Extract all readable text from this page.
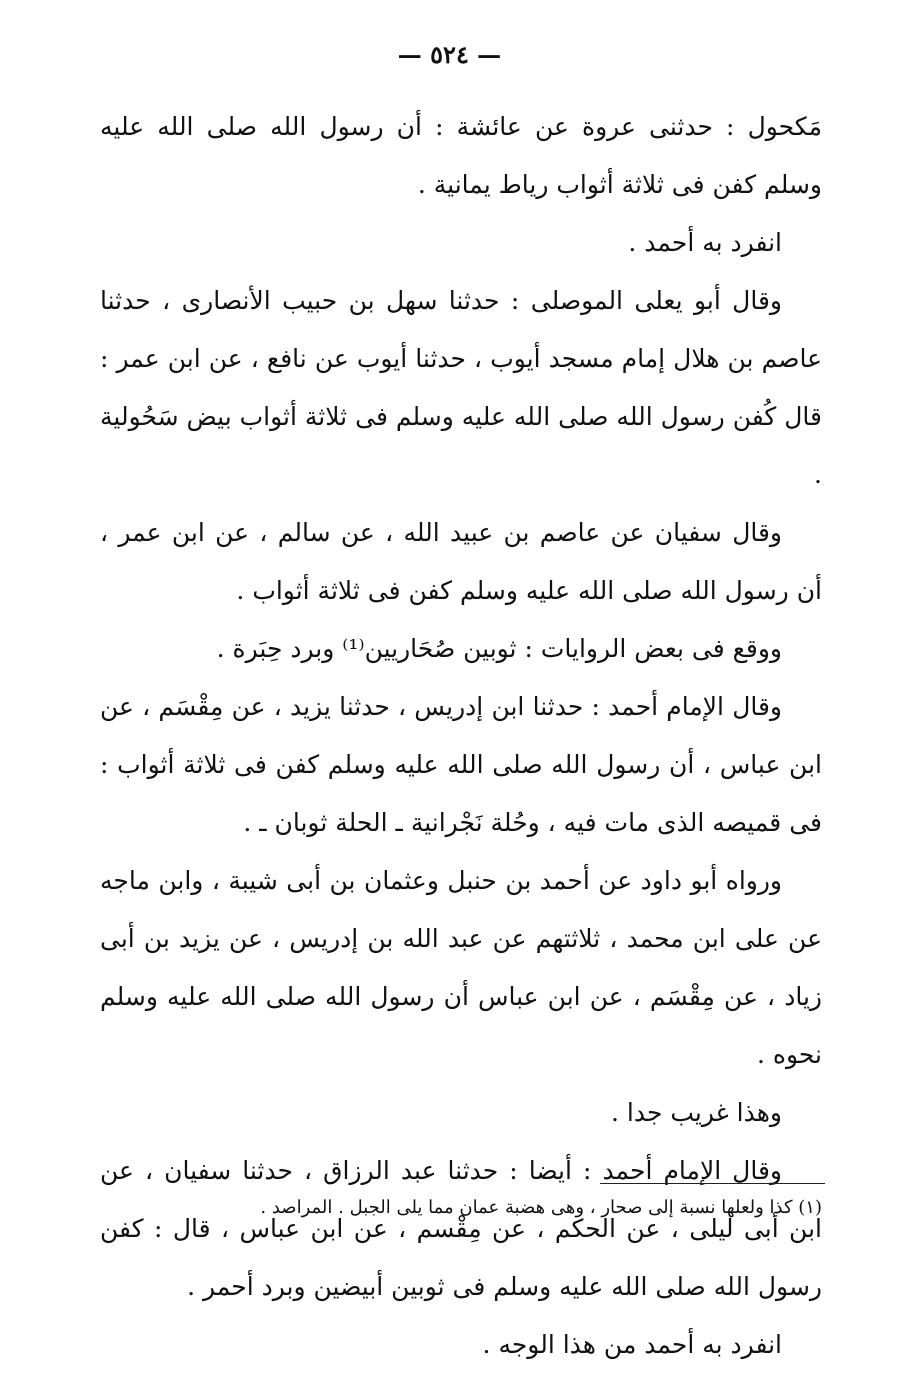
— ٥٢٤ —

مَكحول : حدثنى عروة عن عائشة : أن رسول الله صلى الله عليه وسلم كفن فى ثلاثة أثواب رياط يمانية .

انفرد به أحمد .

وقال أبو يعلى الموصلى : حدثنا سهل بن حبيب الأنصارى ، حدثنا عاصم بن هلال إمام مسجد أيوب ، حدثنا أيوب عن نافع ، عن ابن عمر : قال كُفن رسول الله صلى الله عليه وسلم فى ثلاثة أثواب بيض سَحُولية .

وقال سفيان عن عاصم بن عبيد الله ، عن سالم ، عن ابن عمر ، أن رسول الله صلى الله عليه وسلم كفن فى ثلاثة أثواب .

ووقع فى بعض الروايات : ثوبين صُحَاريين⁽¹⁾ وبرد حِبَرة .

وقال الإمام أحمد : حدثنا ابن إدريس ، حدثنا يزيد ، عن مِقْسَم ، عن ابن عباس ، أن رسول الله صلى الله عليه وسلم كفن فى ثلاثة أثواب : فى قميصه الذى مات فيه ، وحُلة نَجْرانية ـ الحلة ثوبان ـ .

ورواه أبو داود عن أحمد بن حنبل وعثمان بن أبى شيبة ، وابن ماجه عن على ابن محمد ، ثلاثتهم عن عبد الله بن إدريس ، عن يزيد بن أبى زياد ، عن مِقْسَم ، عن ابن عباس أن رسول الله صلى الله عليه وسلم نحوه .

وهذا غريب جدا .

وقال الإمام أحمد : أيضا : حدثنا عبد الرزاق ، حدثنا سفيان ، عن ابن أبى ليلى ، عن الحكم ، عن مِقْسم ، عن ابن عباس ، قال : كفن رسول الله صلى الله عليه وسلم فى ثوبين أبيضين وبرد أحمر .

انفرد به أحمد من هذا الوجه .

(١) كذا ولعلها نسبة إلى صحار ، وهى هضبة عمان مما يلى الجبل . المراصد .
